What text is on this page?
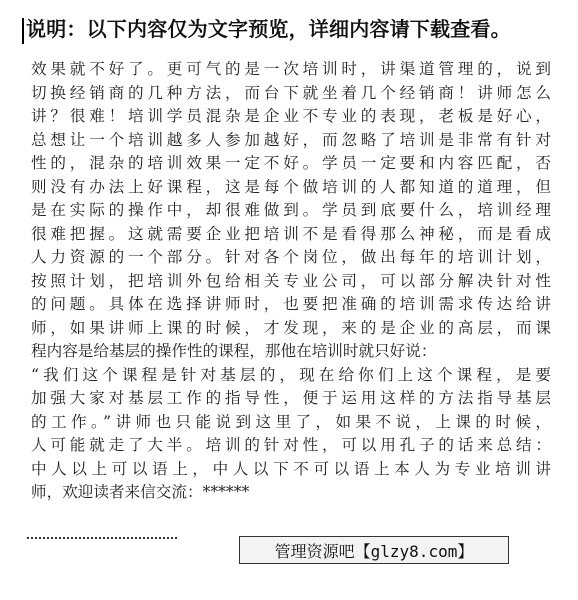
说明：以下内容仅为文字预览，详细内容请下载查看。
效果就不好了。更可气的是一次培训时，讲渠道管理的，说到
切换经销商的几种方法，而台下就坐着几个经销商！讲师怎么
讲？很难！培训学员混杂是企业不专业的表现，老板是好心，
总想让一个培训越多人参加越好，而忽略了培训是非常有针对
性的，混杂的培训效果一定不好。学员一定要和内容匹配，否
则没有办法上好课程，这是每个做培训的人都知道的道理，但
是在实际的操作中，却很难做到。学员到底要什么，培训经理
很难把握。这就需要企业把培训不是看得那么神秘，而是看成
人力资源的一个部分。针对各个岗位，做出每年的培训计划，
按照计划，把培训外包给相关专业公司，可以部分解决针对性
的问题。具体在选择讲师时，也要把准确的培训需求传达给讲
师，如果讲师上课的时候，才发现，来的是企业的高层，而课
程内容是给基层的操作性的课程，那他在培训时就只好说：
“我们这个课程是针对基层的，现在给你们上这个课程，是要
加强大家对基层工作的指导性，便于运用这样的方法指导基层
的工作。”讲师也只能说到这里了，如果不说，上课的时候，
人可能就走了大半。培训的针对性，可以用孔子的话来总结：
中人以上可以语上，中人以下不可以语上本人为专业培训讲
师，欢迎读者来信交流：******
管理资源吧【glzy8.com】
